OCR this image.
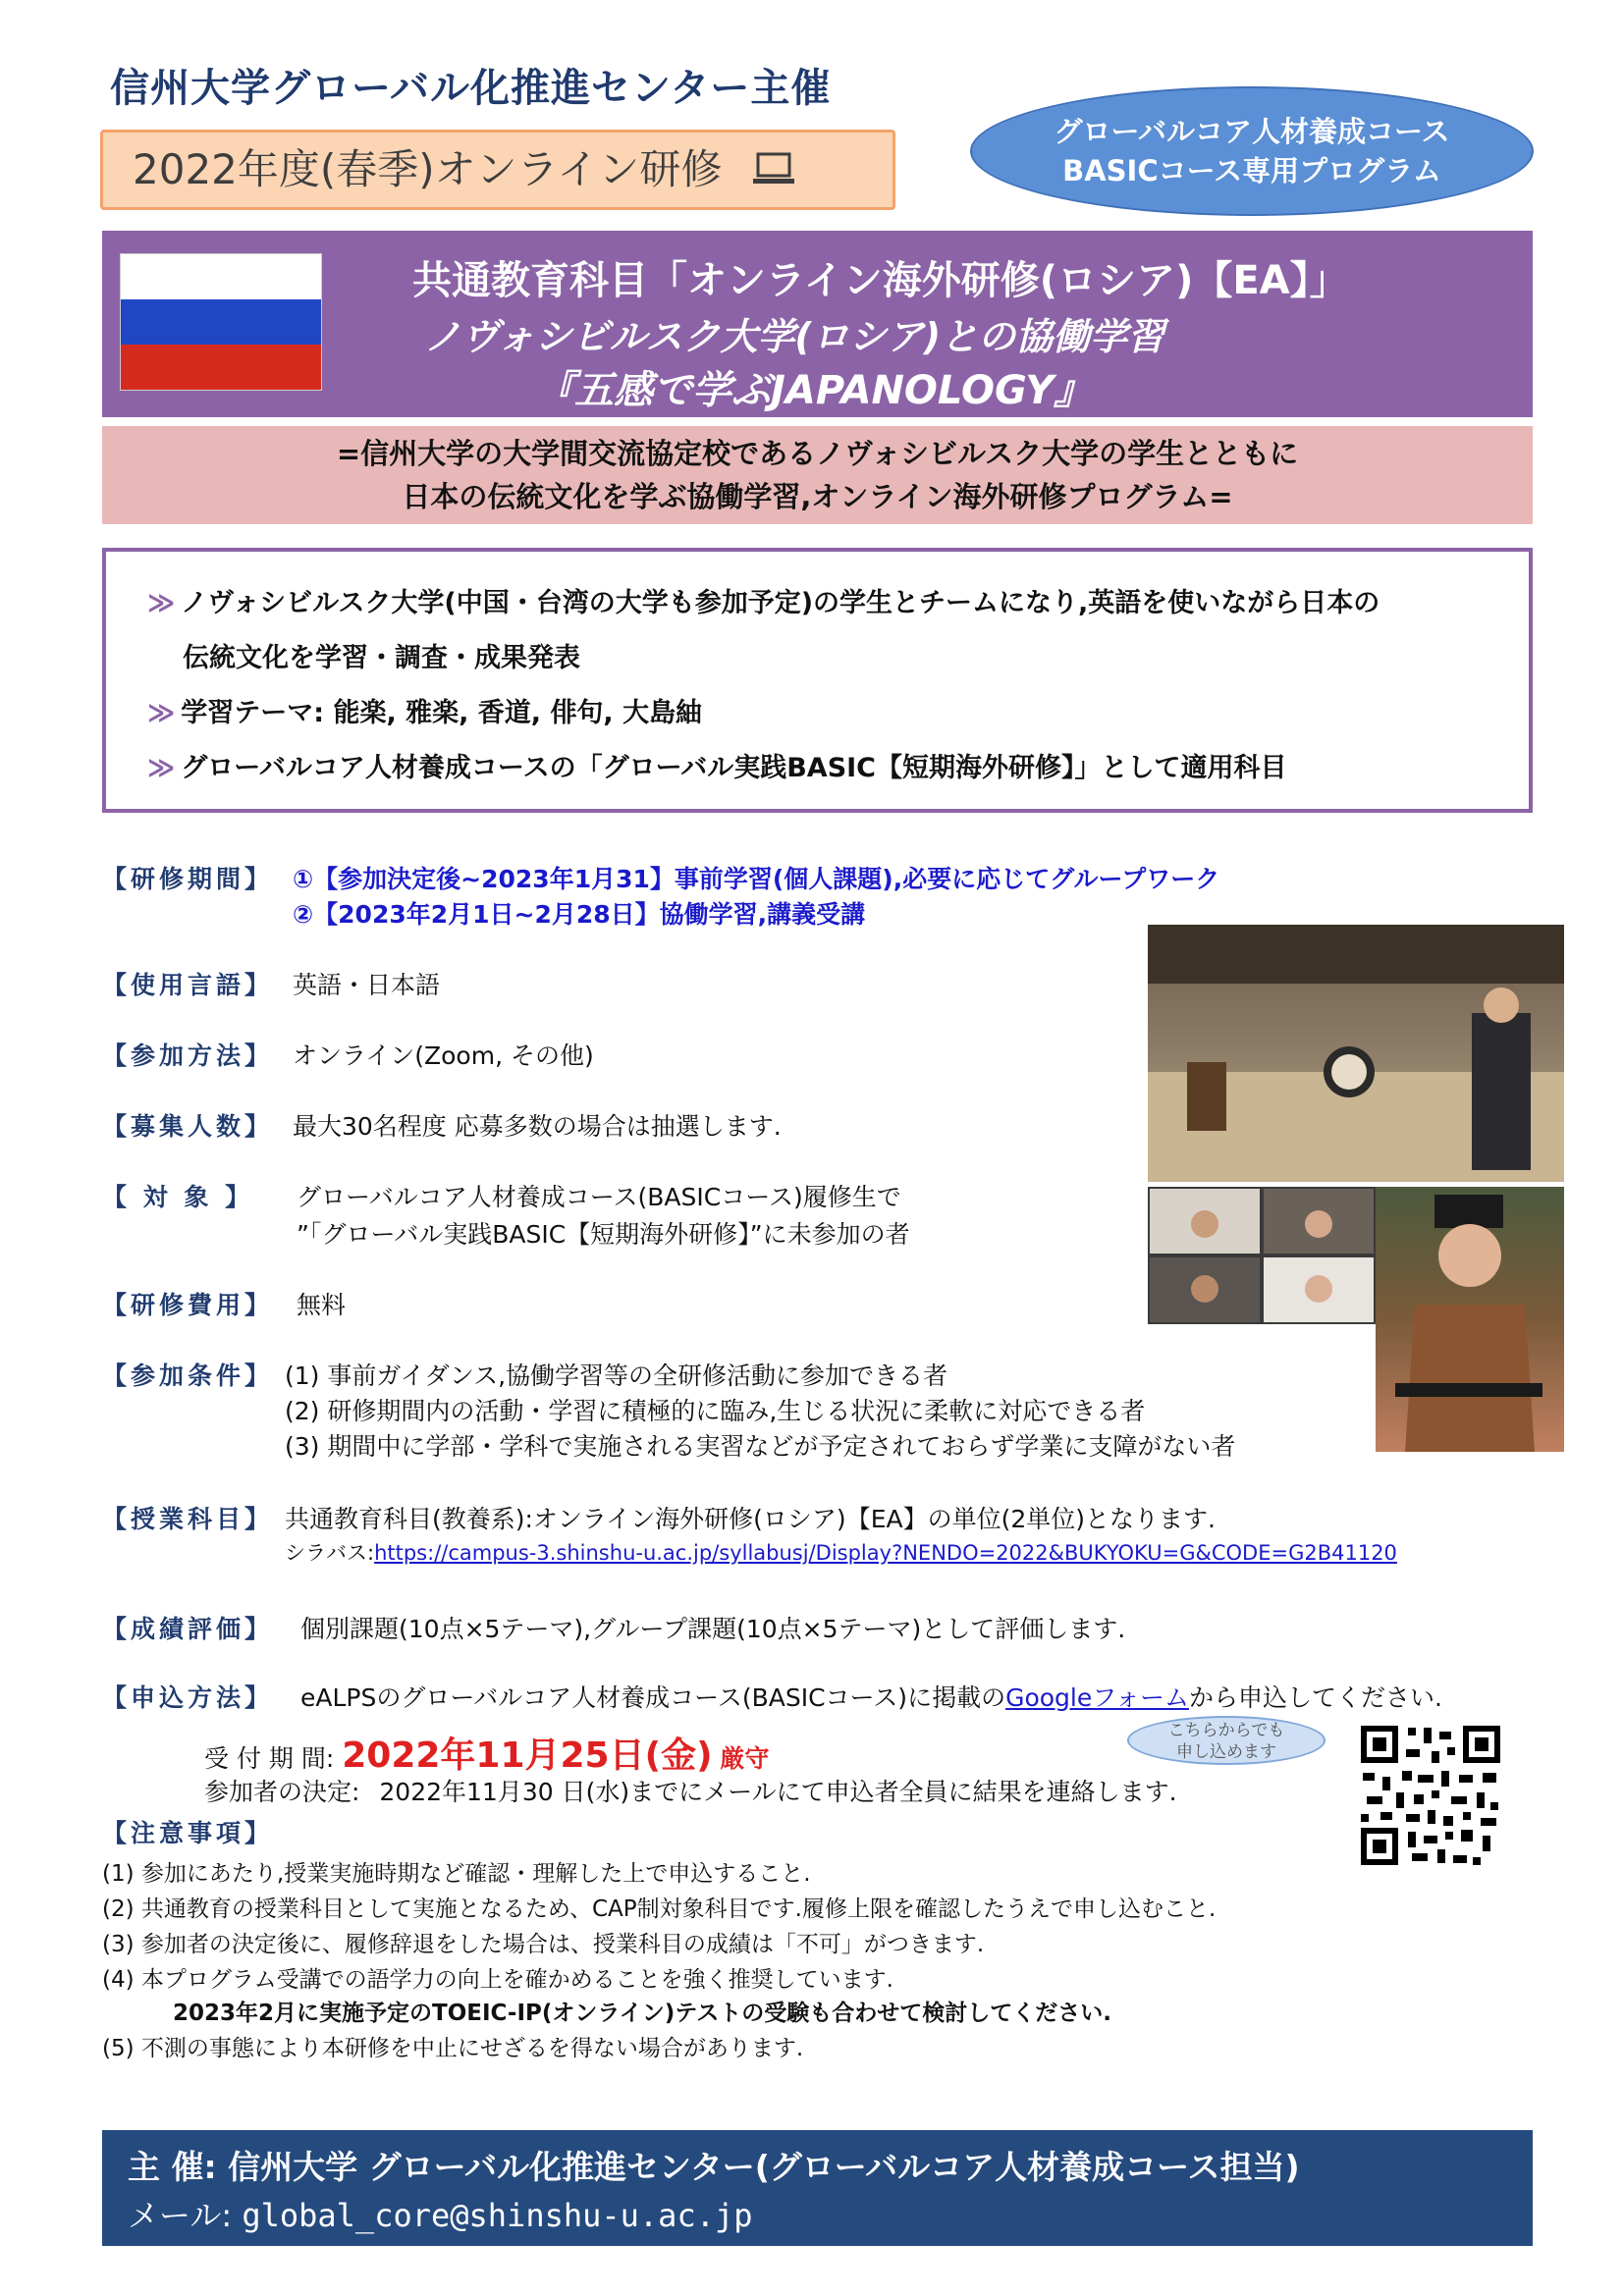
信州大学グローバル化推進センター主催
2022年度(春季)オンライン研修
グローバルコア人材養成コース
BASICコース専用プログラム
共通教育科目「オンライン海外研修(ロシア)【EA】」
ノヴォシビルスク大学(ロシア)との協働学習
『五感で学ぶJAPANOLOGY』
=信州大学の大学間交流協定校であるノヴォシビルスク大学の学生とともに
日本の伝統文化を学ぶ協働学習,オンライン海外研修プログラム=
≫ ノヴォシビルスク大学(中国・台湾の大学も参加予定)の学生とチームになり,英語を使いながら日本の
伝統文化を学習・調査・成果発表
≫ 学習テーマ: 能楽, 雅楽, 香道, 俳句, 大島紬
≫ グローバルコア人材養成コースの「グローバル実践BASIC【短期海外研修】」として適用科目
【研修期間】 ①【参加決定後~2023年1月31】事前学習(個人課題),必要に応じてグループワーク
②【2023年2月1日~2月28日】協働学習,講義受講
【使用言語】 英語・日本語
【参加方法】 オンライン(Zoom, その他)
【募集人数】 最大30名程度 応募多数の場合は抽選します.
【 対 象 】 グローバルコア人材養成コース(BASICコース)履修生で
”「グローバル実践BASIC【短期海外研修】”に未参加の者
【研修費用】 無料
【参加条件】 (1) 事前ガイダンス,協働学習等の全研修活動に参加できる者
(2) 研修期間内の活動・学習に積極的に臨み,生じる状況に柔軟に対応できる者
(3) 期間中に学部・学科で実施される実習などが予定されておらず学業に支障がない者
【授業科目】 共通教育科目(教養系):オンライン海外研修(ロシア)【EA】の単位(2単位)となります.
シラバス:https://campus-3.shinshu-u.ac.jp/syllabusj/Display?NENDO=2022&BUKYOKU=G&CODE=G2B41120
【成績評価】 個別課題(10点×5テーマ),グループ課題(10点×5テーマ)として評価します.
【申込方法】 eALPSのグローバルコア人材養成コース(BASICコース)に掲載のGoogleフォームから申込してください.
受 付 期 間: 2022年11月25日(金) 厳守
参加者の決定: 2022年11月30 日(水)までにメールにて申込者全員に結果を連絡します.
こちらからでも
申し込めます
【注意事項】
(1) 参加にあたり,授業実施時期など確認・理解した上で申込すること.
(2) 共通教育の授業科目として実施となるため、CAP制対象科目です.履修上限を確認したうえで申し込むこと.
(3) 参加者の決定後に、履修辞退をした場合は、授業科目の成績は「不可」がつきます.
(4) 本プログラム受講での語学力の向上を確かめることを強く推奨しています.
2023年2月に実施予定のTOEIC-IP(オンライン)テストの受験も合わせて検討してください.
(5) 不測の事態により本研修を中止にせざるを得ない場合があります.
主 催: 信州大学 グローバル化推進センター(グローバルコア人材養成コース担当)
メール: global_core@shinshu-u.ac.jp
